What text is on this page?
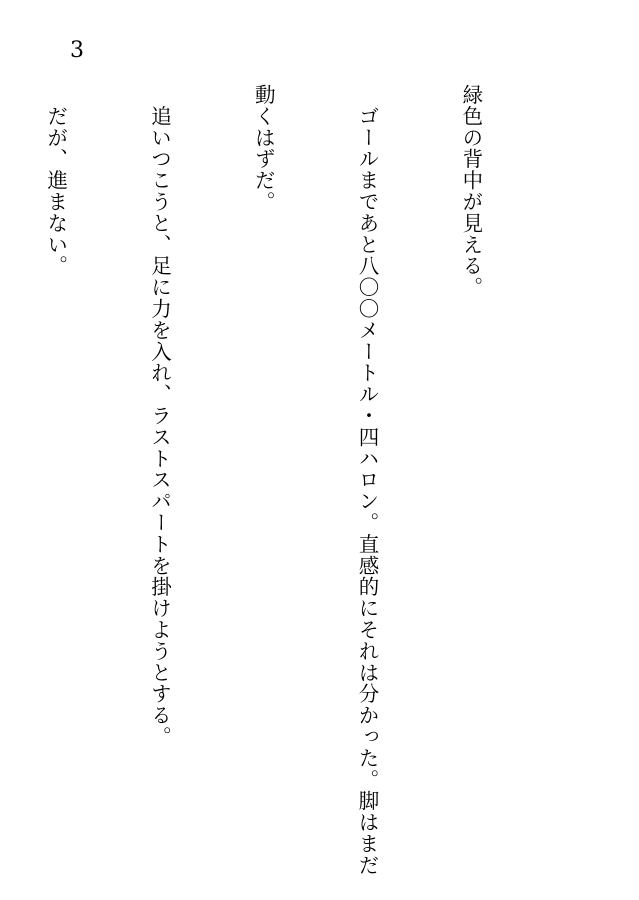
3

緑色の背中が見える。

　ゴールまであと八〇〇メートル・四ハロン。直感的にそれは分かった。脚はまだ

動くはずだ。

　追いつこうと、足に力を入れ、ラストスパートを掛けようとする。

　だが、進まない。
